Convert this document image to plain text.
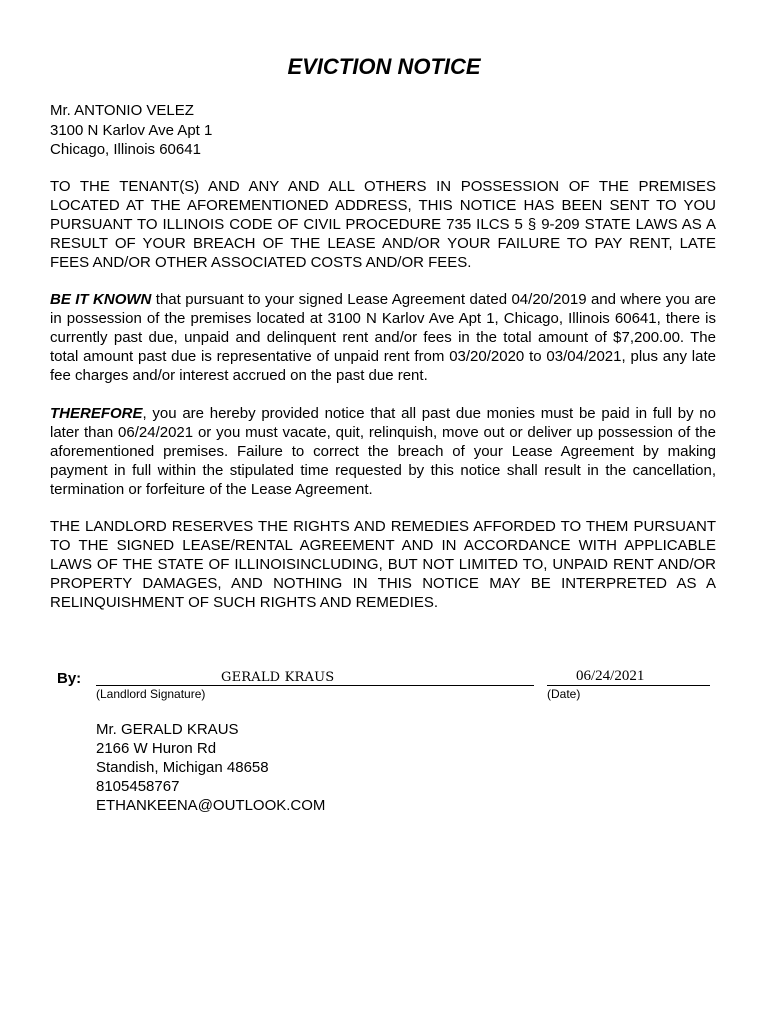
EVICTION NOTICE
Mr. ANTONIO VELEZ
3100 N Karlov Ave Apt 1
Chicago, Illinois 60641

TO THE TENANT(S) AND ANY AND ALL OTHERS IN POSSESSION OF THE PREMISES LOCATED AT THE AFOREMENTIONED ADDRESS, THIS NOTICE HAS BEEN SENT TO YOU PURSUANT TO ILLINOIS CODE OF CIVIL PROCEDURE 735 ILCS 5 § 9-209 STATE LAWS AS A RESULT OF YOUR BREACH OF THE LEASE AND/OR YOUR FAILURE TO PAY RENT, LATE FEES AND/OR OTHER ASSOCIATED COSTS AND/OR FEES.

BE IT KNOWN that pursuant to your signed Lease Agreement dated 04/20/2019 and where you are in possession of the premises located at 3100 N Karlov Ave Apt 1, Chicago, Illinois 60641, there is currently past due, unpaid and delinquent rent and/or fees in the total amount of $7,200.00. The total amount past due is representative of unpaid rent from 03/20/2020 to 03/04/2021, plus any late fee charges and/or interest accrued on the past due rent.

THEREFORE, you are hereby provided notice that all past due monies must be paid in full by no later than 06/24/2021 or you must vacate, quit, relinquish, move out or deliver up possession of the aforementioned premises. Failure to correct the breach of your Lease Agreement by making payment in full within the stipulated time requested by this notice shall result in the cancellation, termination or forfeiture of the Lease Agreement.

THE LANDLORD RESERVES THE RIGHTS AND REMEDIES AFFORDED TO THEM PURSUANT TO THE SIGNED LEASE/RENTAL AGREEMENT AND IN ACCORDANCE WITH APPLICABLE LAWS OF THE STATE OF ILLINOISINCLUDING, BUT NOT LIMITED TO, UNPAID RENT AND/OR PROPERTY DAMAGES, AND NOTHING IN THIS NOTICE MAY BE INTERPRETED AS A RELINQUISHMENT OF SUCH RIGHTS AND REMEDIES.

By:	GERALD KRAUS
(Landlord Signature)
06/24/2021
(Date)
Mr. GERALD KRAUS
2166 W Huron Rd
Standish, Michigan 48658
8105458767
ETHANKEENA@OUTLOOK.COM
